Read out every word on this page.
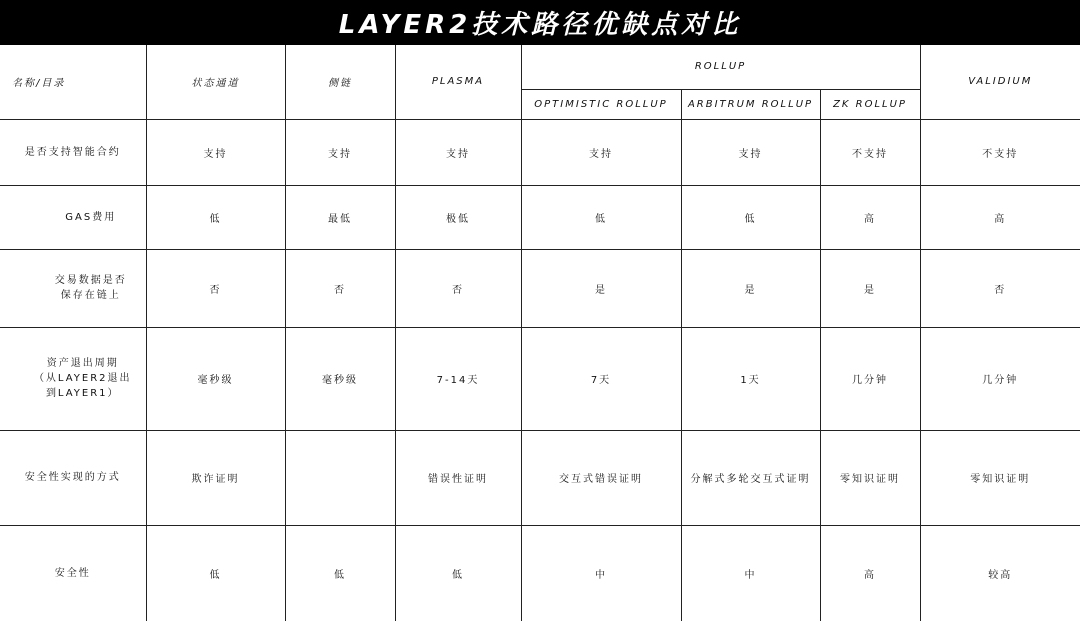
LAYER2技术路径优缺点对比
名称/目录	状态通道	侧链	PLASMA	ROLLUP			VALIDIUM
				OPTIMISTIC ROLLUP	ARBITRUM ROLLUP	ZK ROLLUP	
是否支持智能合约	支持	支持	支持	支持	支持	不支持	不支持
GAS费用	低	最低	极低	低	低	高	高

交易数据是否
保存在链上	否	否	否	是	是	是	否

资产退出周期
（从LAYER2退出
到LAYER1）	毫秒级	毫秒级	7-14天	7天	1天	几分钟	几分钟
安全性实现的方式	欺诈证明		错误性证明	交互式错误证明	分解式多轮交互式证明	零知识证明	零知识证明
安全性	低	低	低	中	中	高	较高
